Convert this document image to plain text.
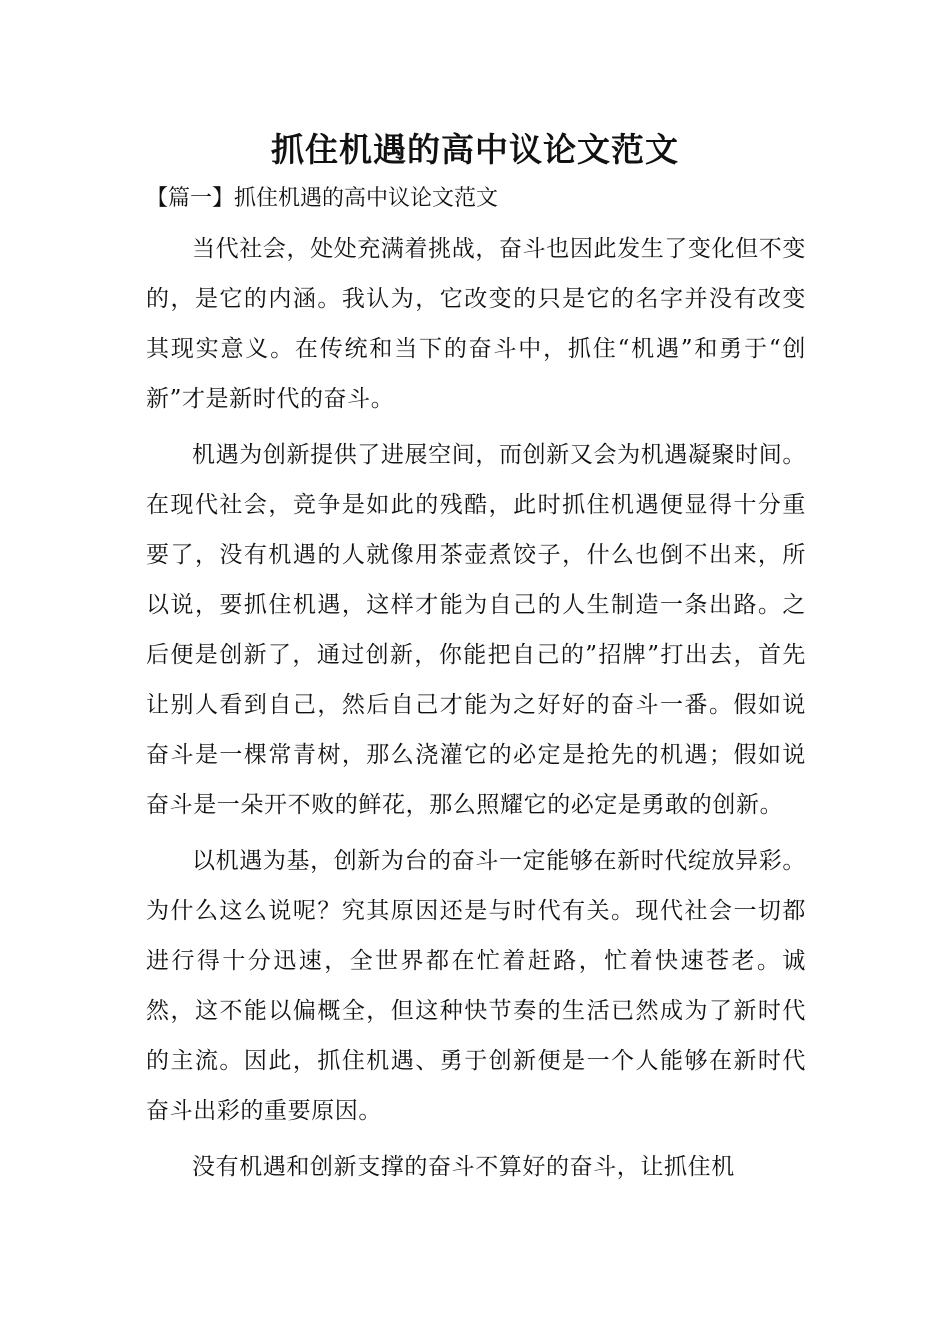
抓住机遇的高中议论文范文
【篇一】抓住机遇的高中议论文范文

当代社会，处处充满着挑战，奋斗也因此发生了变化但不变的，是它的内涵。我认为，它改变的只是它的名字并没有改变其现实意义。在传统和当下的奋斗中，抓住“机遇”和勇于“创新”才是新时代的奋斗。

机遇为创新提供了进展空间，而创新又会为机遇凝聚时间。在现代社会，竞争是如此的残酷，此时抓住机遇便显得十分重要了，没有机遇的人就像用茶壶煮饺子，什么也倒不出来，所以说，要抓住机遇，这样才能为自己的人生制造一条出路。之后便是创新了，通过创新，你能把自己的”招牌”打出去，首先让别人看到自己，然后自己才能为之好好的奋斗一番。假如说奋斗是一棵常青树，那么浇灌它的必定是抢先的机遇；假如说奋斗是一朵开不败的鲜花，那么照耀它的必定是勇敢的创新。

以机遇为基，创新为台的奋斗一定能够在新时代绽放异彩。为什么这么说呢？究其原因还是与时代有关。现代社会一切都进行得十分迅速，全世界都在忙着赶路，忙着快速苍老。诚然，这不能以偏概全，但这种快节奏的生活已然成为了新时代的主流。因此，抓住机遇、勇于创新便是一个人能够在新时代奋斗出彩的重要原因。

没有机遇和创新支撑的奋斗不算好的奋斗，让抓住机
